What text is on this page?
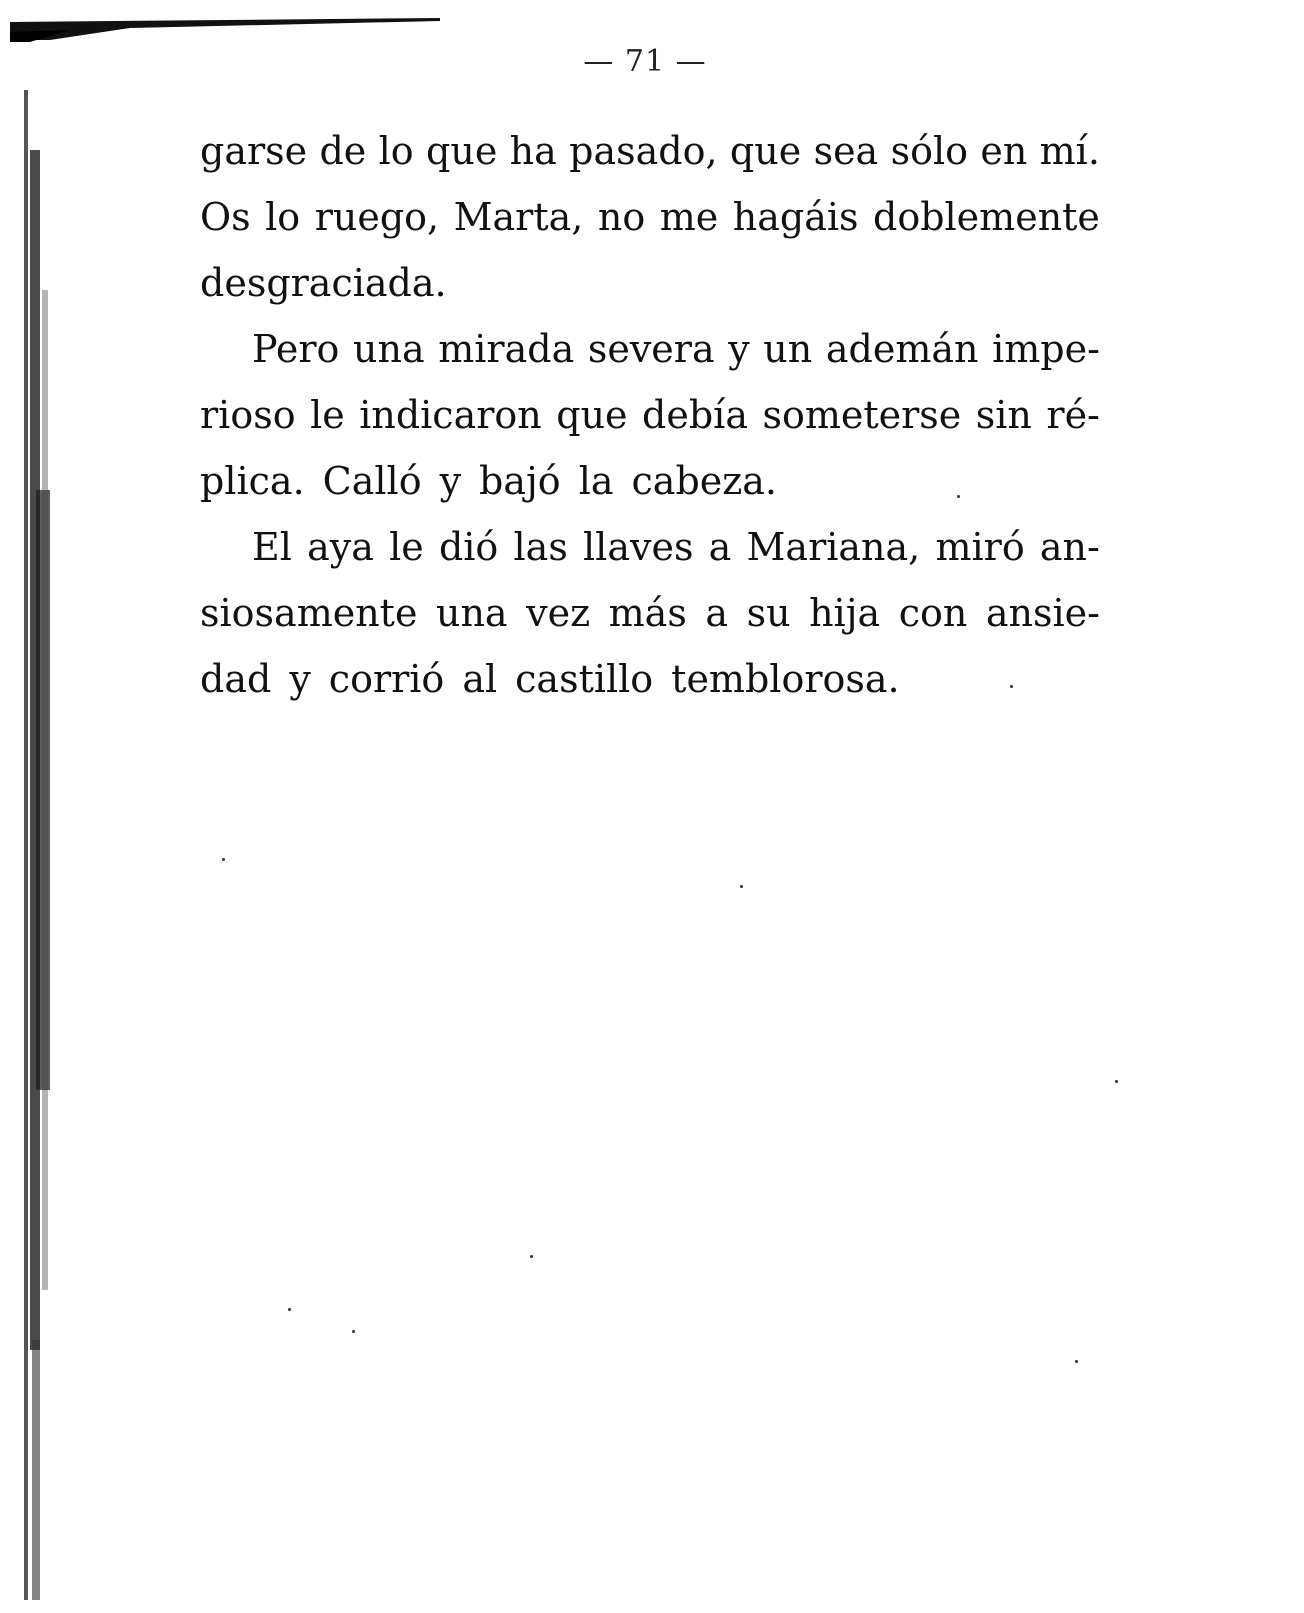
— 71 —
garse de lo que ha pasado, que sea sólo en mí.
Os lo ruego, Marta, no me hagáis doblemente
desgraciada.
Pero una mirada severa y un ademán impe-
rioso le indicaron que debía someterse sin ré-
plica. Calló y bajó la cabeza.
El aya le dió las llaves a Mariana, miró an-
siosamente una vez más a su hija con ansie-
dad y corrió al castillo temblorosa.
